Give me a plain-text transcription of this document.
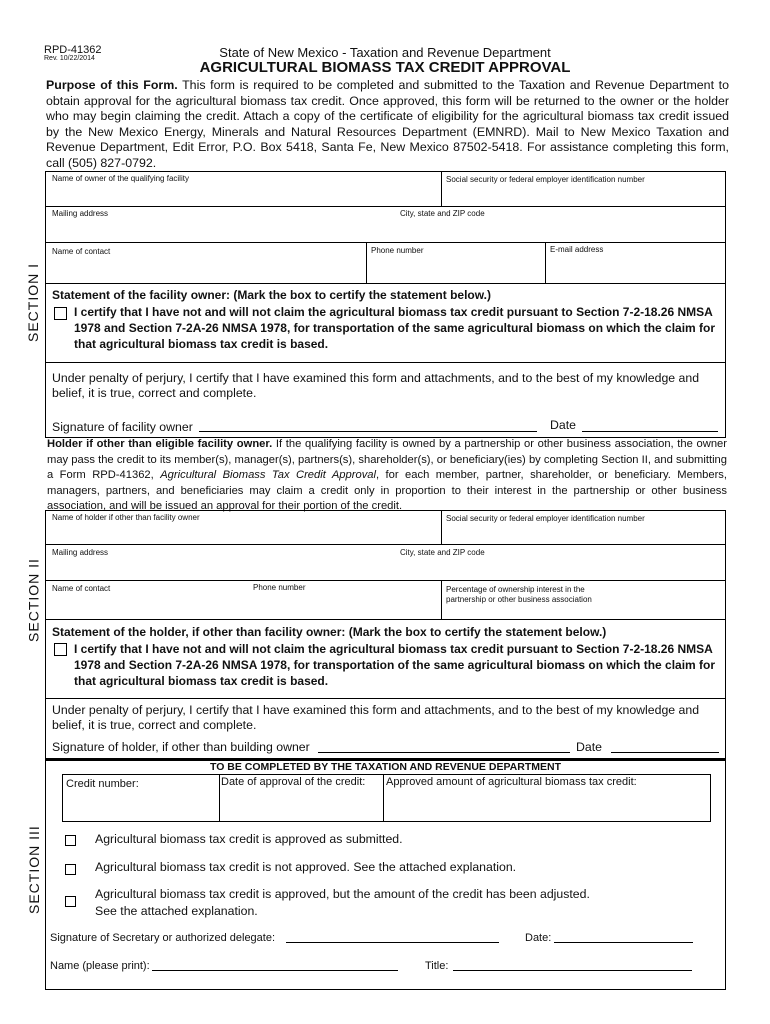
RPD-41362
Rev. 10/22/2014	State of New Mexico - Taxation and Revenue Department
AGRICULTURAL BIOMASS TAX CREDIT APPROVAL
Purpose of this Form. This form is required to be completed and submitted to the Taxation and Revenue Department to obtain approval for the agricultural biomass tax credit. Once approved, this form will be returned to the owner or the holder who may begin claiming the credit. Attach a copy of the certificate of eligibility for the agricultural biomass tax credit issued by the New Mexico Energy, Minerals and Natural Resources Department (EMNRD). Mail to New Mexico Taxation and Revenue Department, Edit Error, P.O. Box 5418, Santa Fe, New Mexico 87502-5418. For assistance completing this form, call (505) 827-0792.
SECTION I
Name of owner of the qualifying facility	Social security or federal employer identification number
Mailing address	City, state and ZIP code
Name of contact	Phone number	E-mail address
Statement of the facility owner: (Mark the box to certify the statement below.)
I certify that I have not and will not claim the agricultural biomass tax credit pursuant to Section 7-2-18.26 NMSA 1978 and Section 7-2A-26 NMSA 1978, for transportation of the same agricultural biomass on which the claim for that agricultural biomass tax credit is based.
Under penalty of perjury, I certify that I have examined this form and attachments, and to the best of my knowledge and belief, it is true, correct and complete.
Signature of facility owner	Date
SECTION II
Holder if other than eligible facility owner. If the qualifying facility is owned by a partnership or other business association, the owner may pass the credit to its member(s), manager(s), partners(s), shareholder(s), or beneficiary(ies) by completing Section II, and submitting a Form RPD-41362, Agricultural Biomass Tax Credit Approval, for each member, partner, shareholder, or beneficiary. Members, managers, partners, and beneficiaries may claim a credit only in proportion to their interest in the partnership or other business association, and will be issued an approval for their portion of the credit.
Name of holder if other than facility owner	Social security or federal employer identification number
Mailing address	City, state and ZIP code
Name of contact	Phone number	Percentage of ownership interest in the
partnership or other business association
Statement of the holder, if other than facility owner: (Mark the box to certify the statement below.)
I certify that I have not and will not claim the agricultural biomass tax credit pursuant to Section 7-2-18.26 NMSA 1978 and Section 7-2A-26 NMSA 1978, for transportation of the same agricultural biomass on which the claim for that agricultural biomass tax credit is based.
Under penalty of perjury, I certify that I have examined this form and attachments, and to the best of my knowledge and belief, it is true, correct and complete.
Signature of holder, if other than building owner	Date
SECTION III
TO BE COMPLETED BY THE TAXATION AND REVENUE DEPARTMENT
Credit number:	Date of approval of the credit: Approved amount of agricultural biomass tax credit:
Agricultural biomass tax credit is approved as submitted.
Agricultural biomass tax credit is not approved. See the attached explanation.
Agricultural biomass tax credit is approved, but the amount of the credit has been adjusted.
See the attached explanation.
Signature of Secretary or authorized delegate:	Date:
Name (please print):	Title:
